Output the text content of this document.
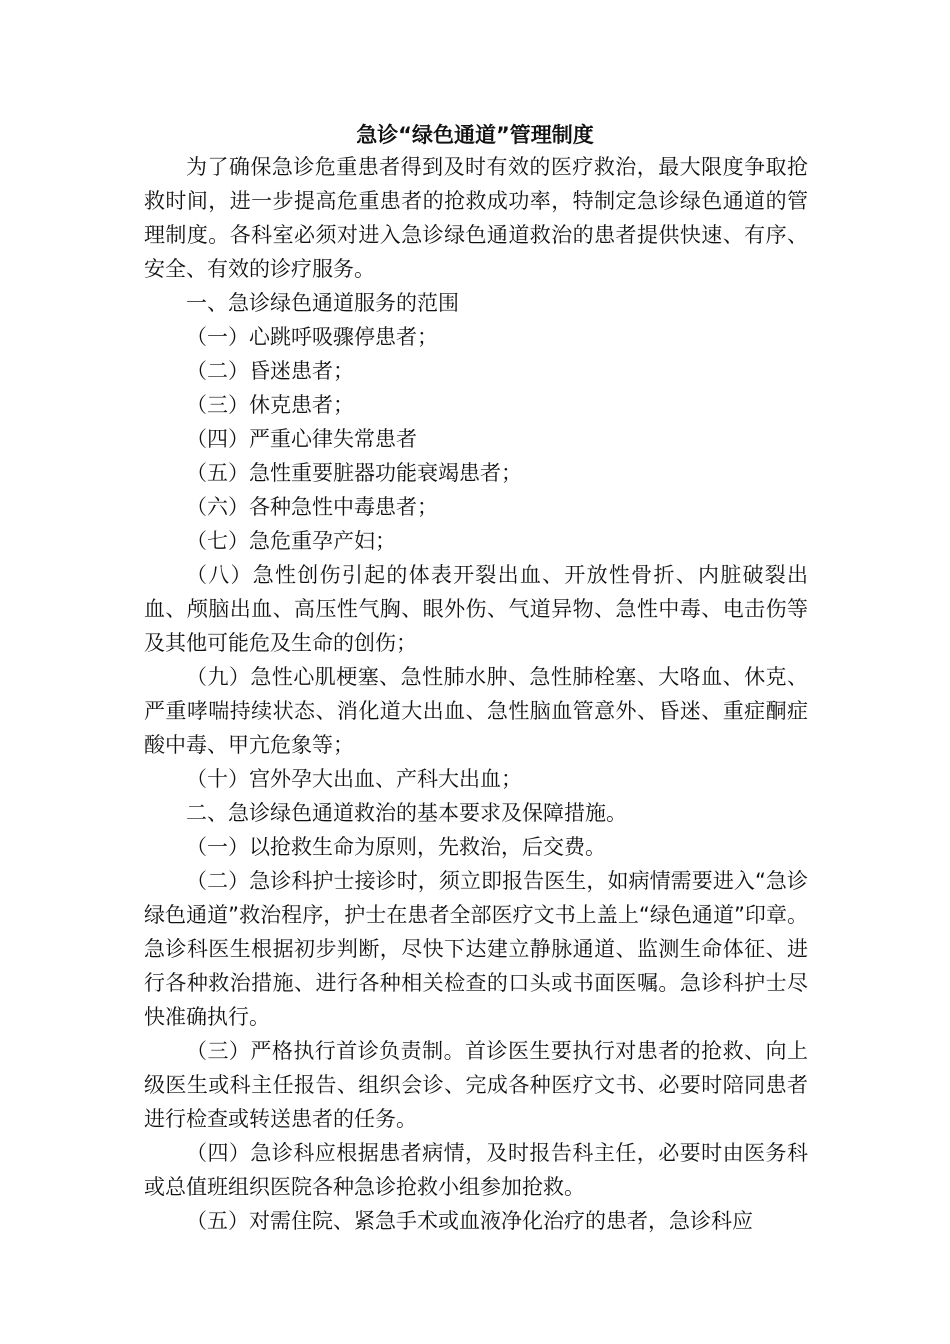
急诊“绿色通道”管理制度

为了确保急诊危重患者得到及时有效的医疗救治，最大限度争取抢救时间，进一步提高危重患者的抢救成功率，特制定急诊绿色通道的管理制度。各科室必须对进入急诊绿色通道救治的患者提供快速、有序、安全、有效的诊疗服务。

一、急诊绿色通道服务的范围

（一）心跳呼吸骤停患者；

（二）昏迷患者；

（三）休克患者；

（四）严重心律失常患者

（五）急性重要脏器功能衰竭患者；

（六）各种急性中毒患者；

（七）急危重孕产妇；

（八）急性创伤引起的体表开裂出血、开放性骨折、内脏破裂出血、颅脑出血、高压性气胸、眼外伤、气道异物、急性中毒、电击伤等及其他可能危及生命的创伤；

（九）急性心肌梗塞、急性肺水肿、急性肺栓塞、大咯血、休克、严重哮喘持续状态、消化道大出血、急性脑血管意外、昏迷、重症酮症酸中毒、甲亢危象等；

（十）宫外孕大出血、产科大出血；

二、急诊绿色通道救治的基本要求及保障措施。

（一）以抢救生命为原则，先救治，后交费。

（二）急诊科护士接诊时，须立即报告医生，如病情需要进入“急诊绿色通道”救治程序，护士在患者全部医疗文书上盖上“绿色通道”印章。急诊科医生根据初步判断，尽快下达建立静脉通道、监测生命体征、进行各种救治措施、进行各种相关检查的口头或书面医嘱。急诊科护士尽快准确执行。

（三）严格执行首诊负责制。首诊医生要执行对患者的抢救、向上级医生或科主任报告、组织会诊、完成各种医疗文书、必要时陪同患者进行检查或转送患者的任务。

（四）急诊科应根据患者病情，及时报告科主任，必要时由医务科或总值班组织医院各种急诊抢救小组参加抢救。

（五）对需住院、紧急手术或血液净化治疗的患者，急诊科应
